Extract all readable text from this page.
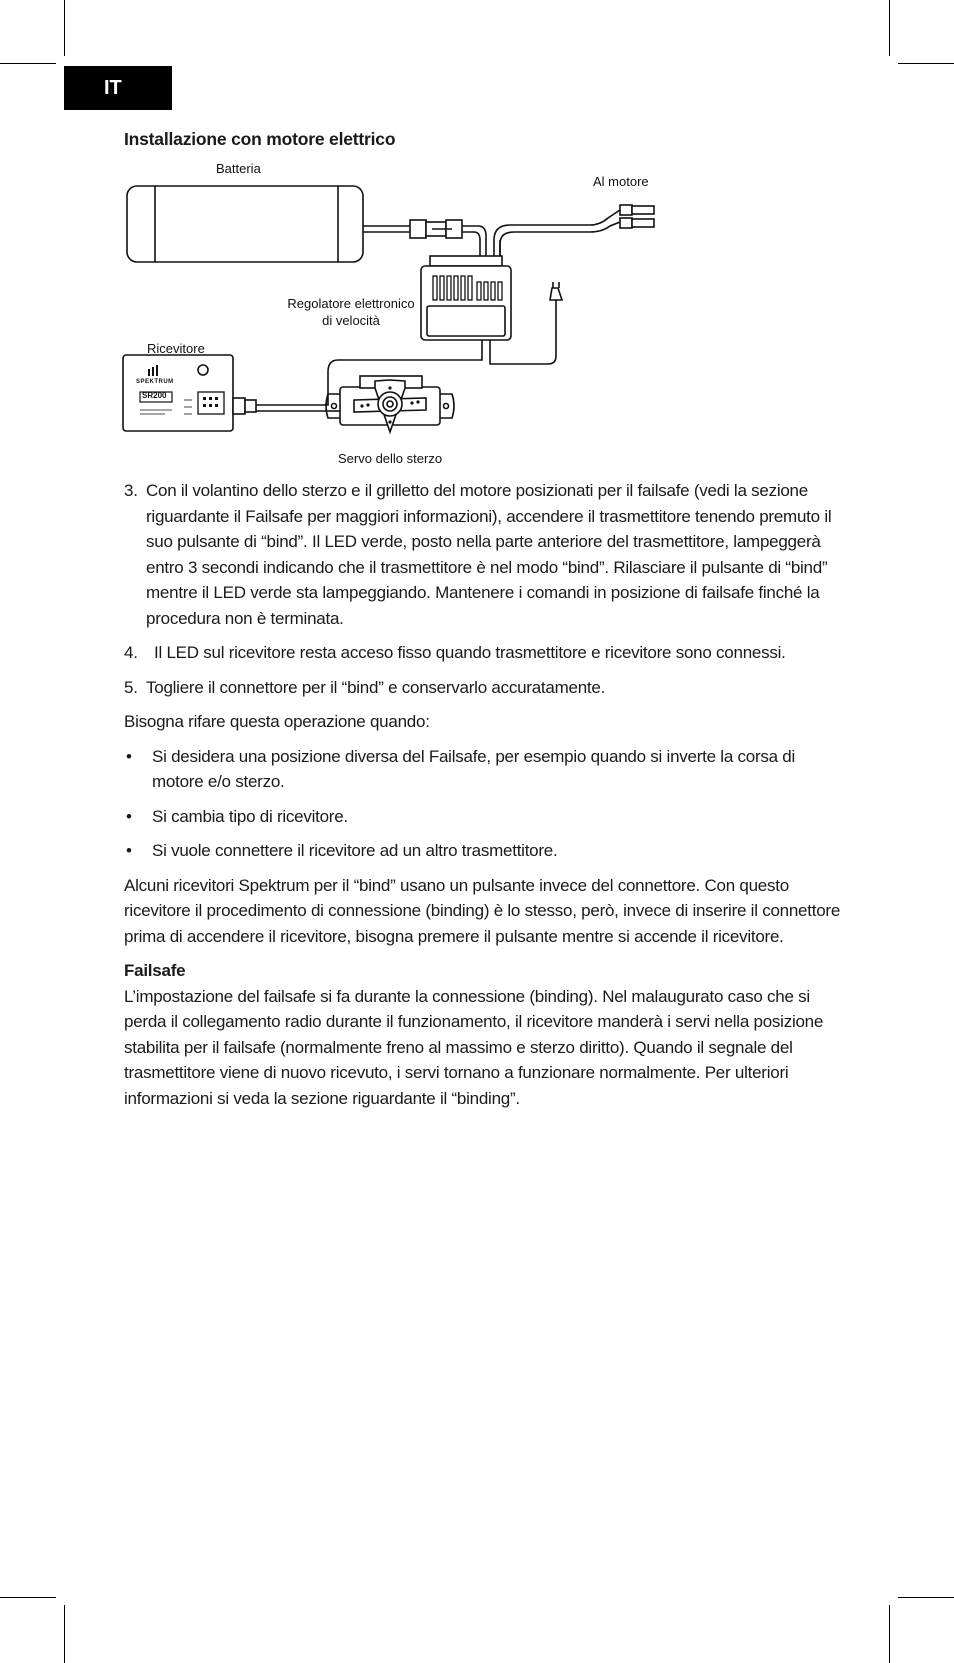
IT
Installazione con motore elettrico
Batteria
Al motore
Regolatore elettronico
di velocità
Ricevitore
SPEKTRUM
SR200
Servo dello sterzo
3. Con il volantino dello sterzo e il grilletto del motore posizionati per il failsafe (vedi la sezione riguardante il Failsafe per maggiori informazioni), accendere il trasmettitore tenendo premuto il suo pulsante di “bind”. Il LED verde, posto nella parte anteriore del trasmettitore, lampeggerà entro 3 secondi indicando che il trasmettitore è nel modo “bind”. Rilasciare il pulsante di “bind” mentre il LED verde sta lampeggiando. Mantenere i comandi in posizione di failsafe finché la procedura non è terminata.
4. Il LED sul ricevitore resta acceso fisso quando trasmettitore e ricevitore sono connessi.
5. Togliere il connettore per il “bind” e conservarlo accuratamente.

Bisogna rifare questa operazione quando:

•	Si desidera una posizione diversa del Failsafe, per esempio quando si inverte la corsa di motore e/o sterzo.
•	Si cambia tipo di ricevitore.
•	Si vuole connettere il ricevitore ad un altro trasmettitore.

Alcuni ricevitori Spektrum per il “bind” usano un pulsante invece del connettore. Con questo ricevitore il procedimento di connessione (binding) è lo stesso, però, invece di inserire il connettore prima di accendere il ricevitore, bisogna premere il pulsante mentre si accende il ricevitore.

Failsafe

L’impostazione del failsafe si fa durante la connessione (binding). Nel malaugurato caso che si perda il collegamento radio durante il funzionamento, il ricevitore manderà i servi nella posizione stabilita per il failsafe (normalmente freno al massimo e sterzo diritto). Quando il segnale del trasmettitore viene di nuovo ricevuto, i servi tornano a funzionare normalmente. Per ulteriori informazioni si veda la sezione riguardante il “binding”.
